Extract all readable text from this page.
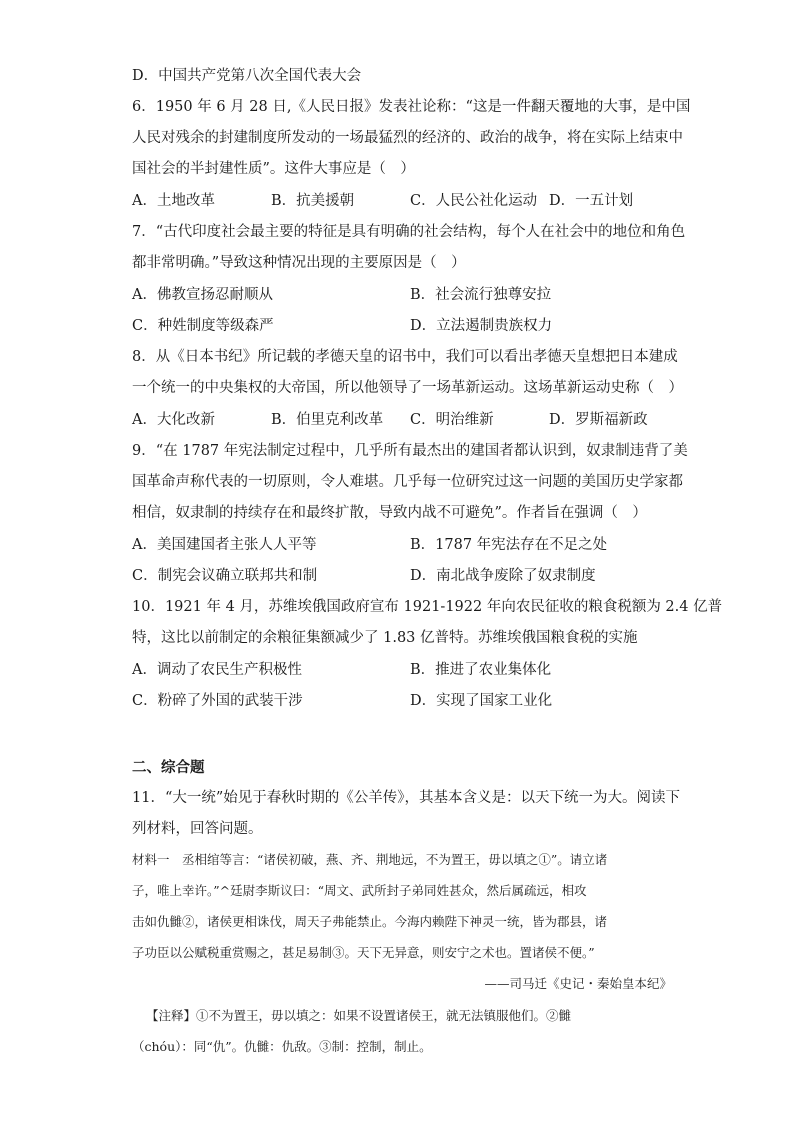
D．中国共产党第八次全国代表大会
6．1950 年 6 月 28 日,《人民日报》发表社论称：“这是一件翻天覆地的大事，是中国
人民对残余的封建制度所发动的一场最猛烈的经济的、政治的战争，将在实际上结束中
国社会的半封建性质”。这件大事应是（　）
A．土地改革	B．抗美援朝	C．人民公社化运动 D．一五计划
7．“古代印度社会最主要的特征是具有明确的社会结构，每个人在社会中的地位和角色
都非常明确。”导致这种情况出现的主要原因是（　）
A．佛教宣扬忍耐顺从	B．社会流行独尊安拉
C．种姓制度等级森严	D．立法遏制贵族权力
8．从《日本书纪》所记载的孝德天皇的诏书中，我们可以看出孝德天皇想把日本建成
一个统一的中央集权的大帝国，所以他领导了一场革新运动。这场革新运动史称（　）
A．大化改新	B．伯里克利改革 C．明治维新	D．罗斯福新政
9．“在 1787 年宪法制定过程中，几乎所有最杰出的建国者都认识到，奴隶制违背了美
国革命声称代表的一切原则，令人难堪。几乎每一位研究过这一问题的美国历史学家都
相信，奴隶制的持续存在和最终扩散，导致内战不可避免”。作者旨在强调（　）
A．美国建国者主张人人平等	B．1787 年宪法存在不足之处
C．制宪会议确立联邦共和制	D．南北战争废除了奴隶制度
10．1921 年 4 月，苏维埃俄国政府宣布 1921-1922 年向农民征收的粮食税额为 2.4 亿普
特，这比以前制定的余粮征集额减少了 1.83 亿普特。苏维埃俄国粮食税的实施
A．调动了农民生产积极性	B．推进了农业集体化
C．粉碎了外国的武装干涉	D．实现了国家工业化
二、综合题
11．“大一统”始见于春秋时期的《公羊传》，其基本含义是：以天下统一为大。阅读下
列材料，回答问题。
材料一　丞相绾等言：“诸侯初破，燕、齐、荆地远，不为置王，毋以填之①”。请立诸
子，唯上幸许。”^廷尉李斯议曰：“周文、武所封子弟同姓甚众，然后属疏远，相攻
击如仇雠②，诸侯更相诛伐，周天子弗能禁止。今海内赖陛下神灵一统，皆为郡县，诸
子功臣以公赋税重赏赐之，甚足易制③。天下无异意，则安宁之术也。置诸侯不便。”
——司马迁《史记・秦始皇本纪》
【注释】①不为置王，毋以填之：如果不设置诸侯王，就无法镇服他们。②雠
（chóu）：同“仇”。仇雠：仇敌。③制：控制，制止。
